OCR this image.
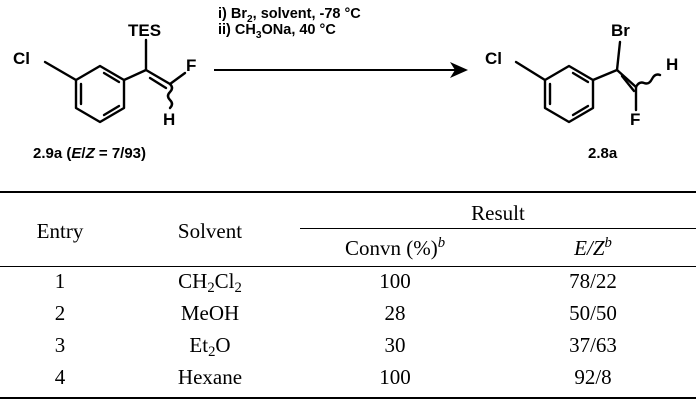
Cl
TES
F
H
Cl
Br
H
F
i) $Br_2$, solvent, -78 °C
ii) $CH_3ONa$, 40 °C
2.9a (E/Z = 7/93)	2.8a
Entry	Solvent
Result
Convn (%)$^b$	$E/Z^b$
1	$CH_2Cl_2$	100	78/22
2	MeOH	28	50/50
3	$Et_2O$	30	37/63
4	Hexane	100	92/8
